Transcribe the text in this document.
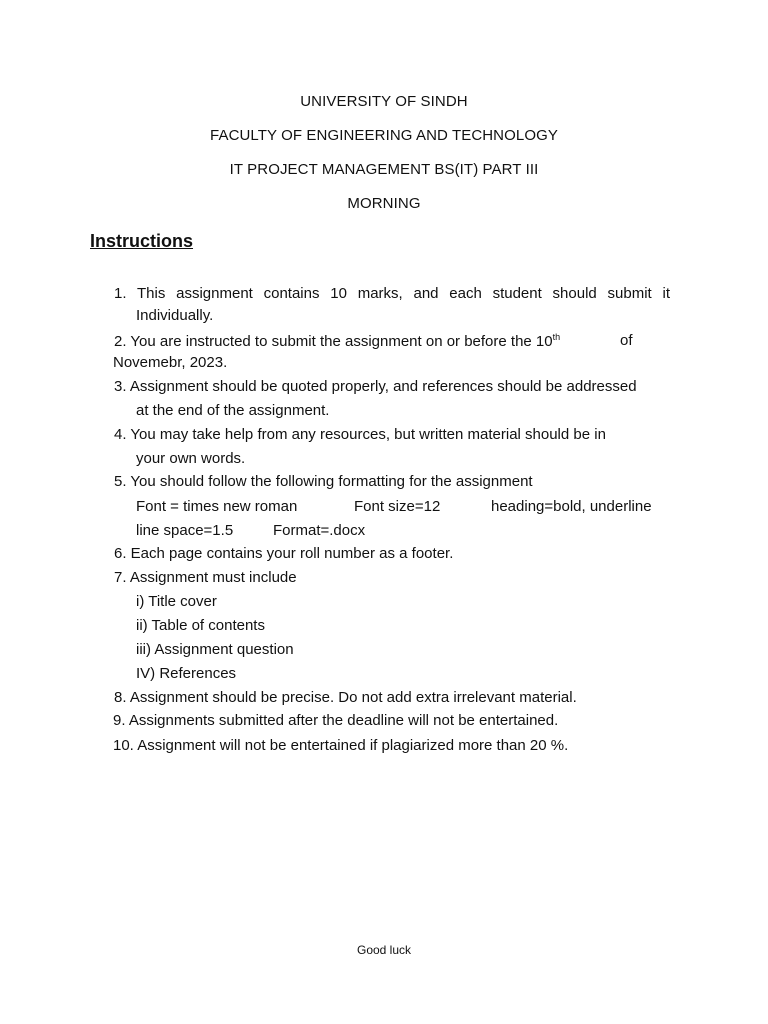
UNIVERSITY OF SINDH
FACULTY OF ENGINEERING AND TECHNOLOGY
IT PROJECT MANAGEMENT BS(IT) PART III
MORNING
Instructions
1. This assignment contains 10 marks, and each student should submit it
Individually.
2. You are instructed to submit the assignment on or before the 10th	of
Novemebr, 2023.
3. Assignment should be quoted properly, and references should be addressed
at the end of the assignment.
4. You may take help from any resources, but written material should be in
your own words.
5. You should follow the following formatting for the assignment
Font = times new roman	Font size=12	heading=bold, underline
line space=1.5	Format=.docx
6. Each page contains your roll number as a footer.
7. Assignment must include
i) Title cover
ii) Table of contents
iii) Assignment question
IV) References
8. Assignment should be precise. Do not add extra irrelevant material.
9. Assignments submitted after the deadline will not be entertained.
10. Assignment will not be entertained if plagiarized more than 20 %.
Good luck
